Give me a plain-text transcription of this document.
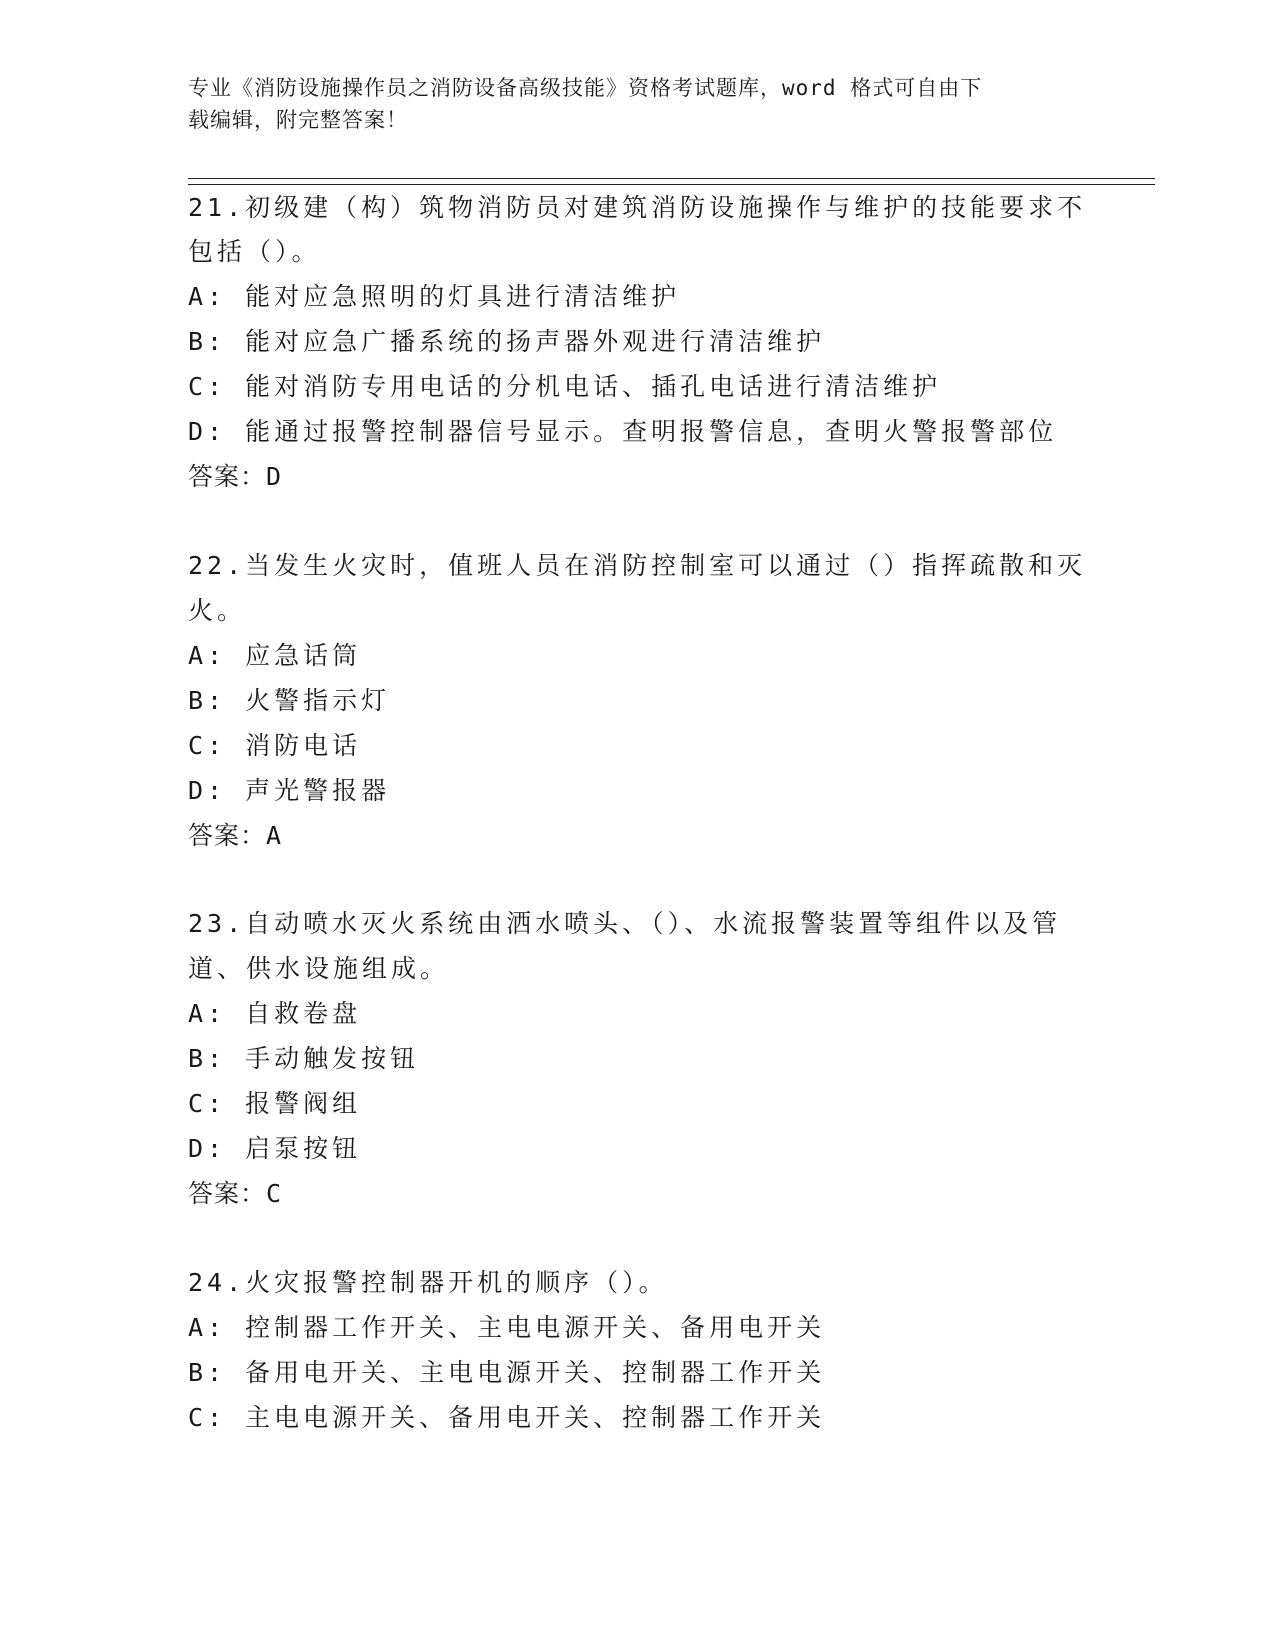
专业《消防设施操作员之消防设备高级技能》资格考试题库，word 格式可自由下
载编辑，附完整答案！
21.初级建（构）筑物消防员对建筑消防设施操作与维护的技能要求不
包括（）。
A: 能对应急照明的灯具进行清洁维护
B: 能对应急广播系统的扬声器外观进行清洁维护
C: 能对消防专用电话的分机电话、插孔电话进行清洁维护
D: 能通过报警控制器信号显示。查明报警信息，查明火警报警部位
答案：D
22.当发生火灾时，值班人员在消防控制室可以通过（）指挥疏散和灭
火。
A: 应急话筒
B: 火警指示灯
C: 消防电话
D: 声光警报器
答案：A
23.自动喷水灭火系统由洒水喷头、（）、水流报警装置等组件以及管
道、供水设施组成。
A: 自救卷盘
B: 手动触发按钮
C: 报警阀组
D: 启泵按钮
答案：C
24.火灾报警控制器开机的顺序（）。
A: 控制器工作开关、主电电源开关、备用电开关
B: 备用电开关、主电电源开关、控制器工作开关
C: 主电电源开关、备用电开关、控制器工作开关
